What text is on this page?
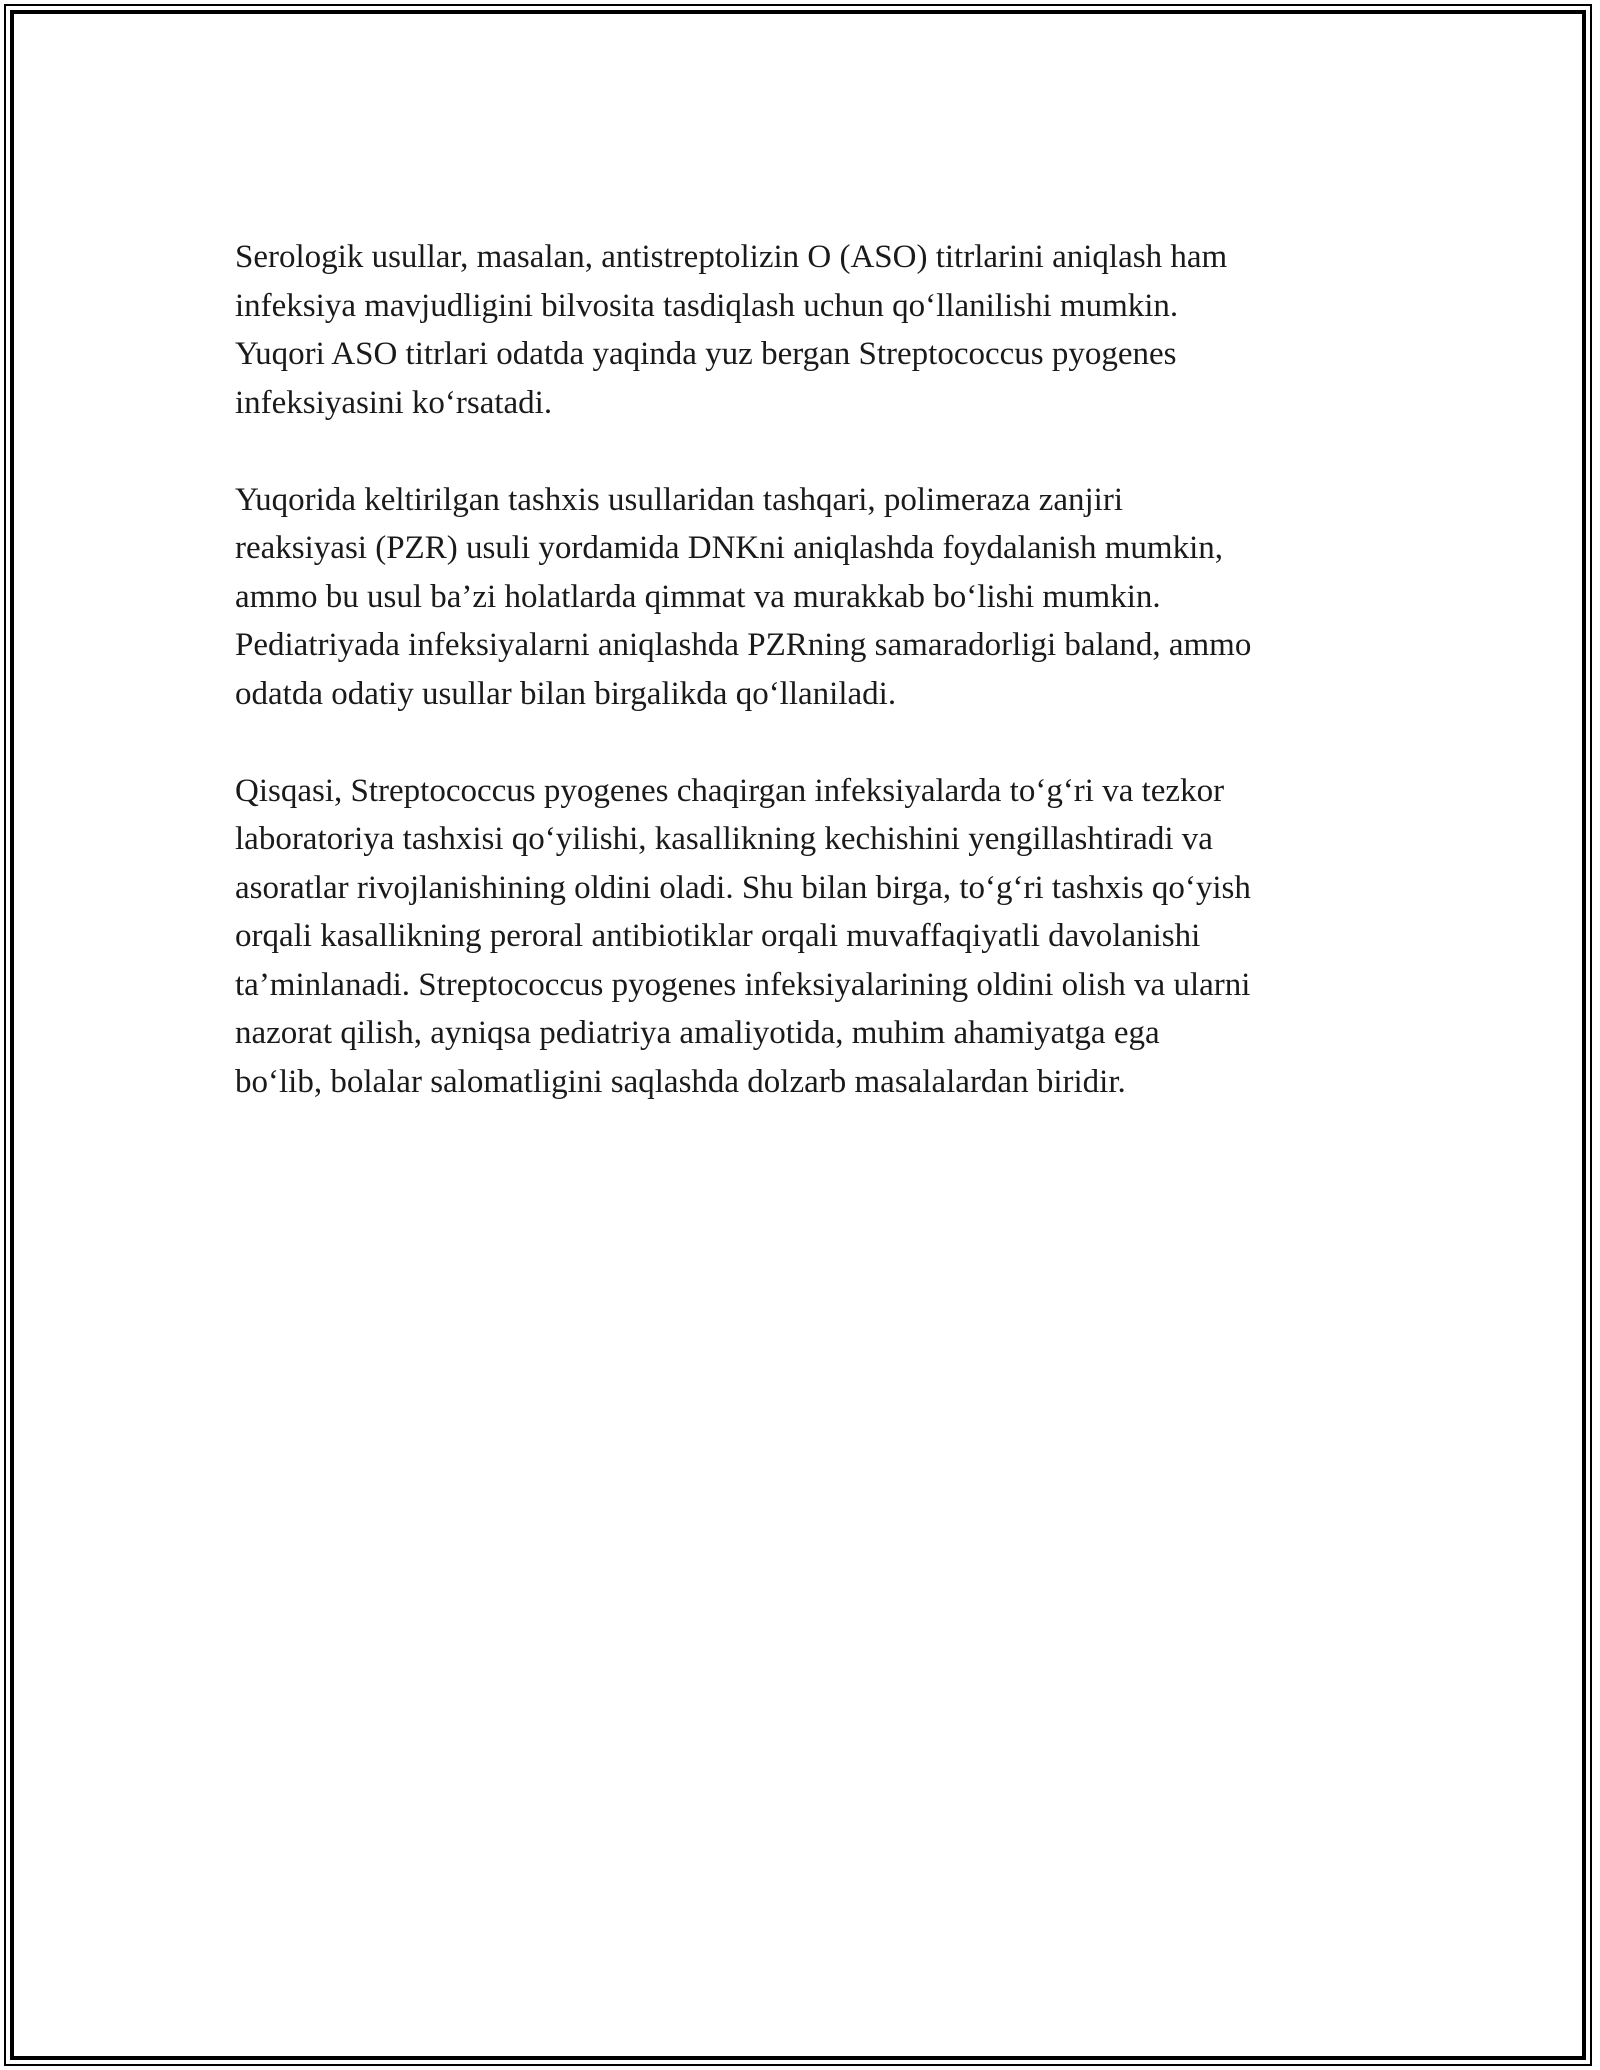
Serologik usullar, masalan, antistreptolizin O (ASO) titrlarini aniqlash ham
infeksiya mavjudligini bilvosita tasdiqlash uchun qo‘llanilishi mumkin.
Yuqori ASO titrlari odatda yaqinda yuz bergan Streptococcus pyogenes
infeksiyasini ko‘rsatadi.

Yuqorida keltirilgan tashxis usullaridan tashqari, polimeraza zanjiri
reaksiyasi (PZR) usuli yordamida DNKni aniqlashda foydalanish mumkin,
ammo bu usul ba’zi holatlarda qimmat va murakkab bo‘lishi mumkin.
Pediatriyada infeksiyalarni aniqlashda PZRning samaradorligi baland, ammo
odatda odatiy usullar bilan birgalikda qo‘llaniladi.

Qisqasi, Streptococcus pyogenes chaqirgan infeksiyalarda to‘g‘ri va tezkor
laboratoriya tashxisi qo‘yilishi, kasallikning kechishini yengillashtiradi va
asoratlar rivojlanishining oldini oladi. Shu bilan birga, to‘g‘ri tashxis qo‘yish
orqali kasallikning peroral antibiotiklar orqali muvaffaqiyatli davolanishi
ta’minlanadi. Streptococcus pyogenes infeksiyalarining oldini olish va ularni
nazorat qilish, ayniqsa pediatriya amaliyotida, muhim ahamiyatga ega
bo‘lib, bolalar salomatligini saqlashda dolzarb masalalardan biridir.
